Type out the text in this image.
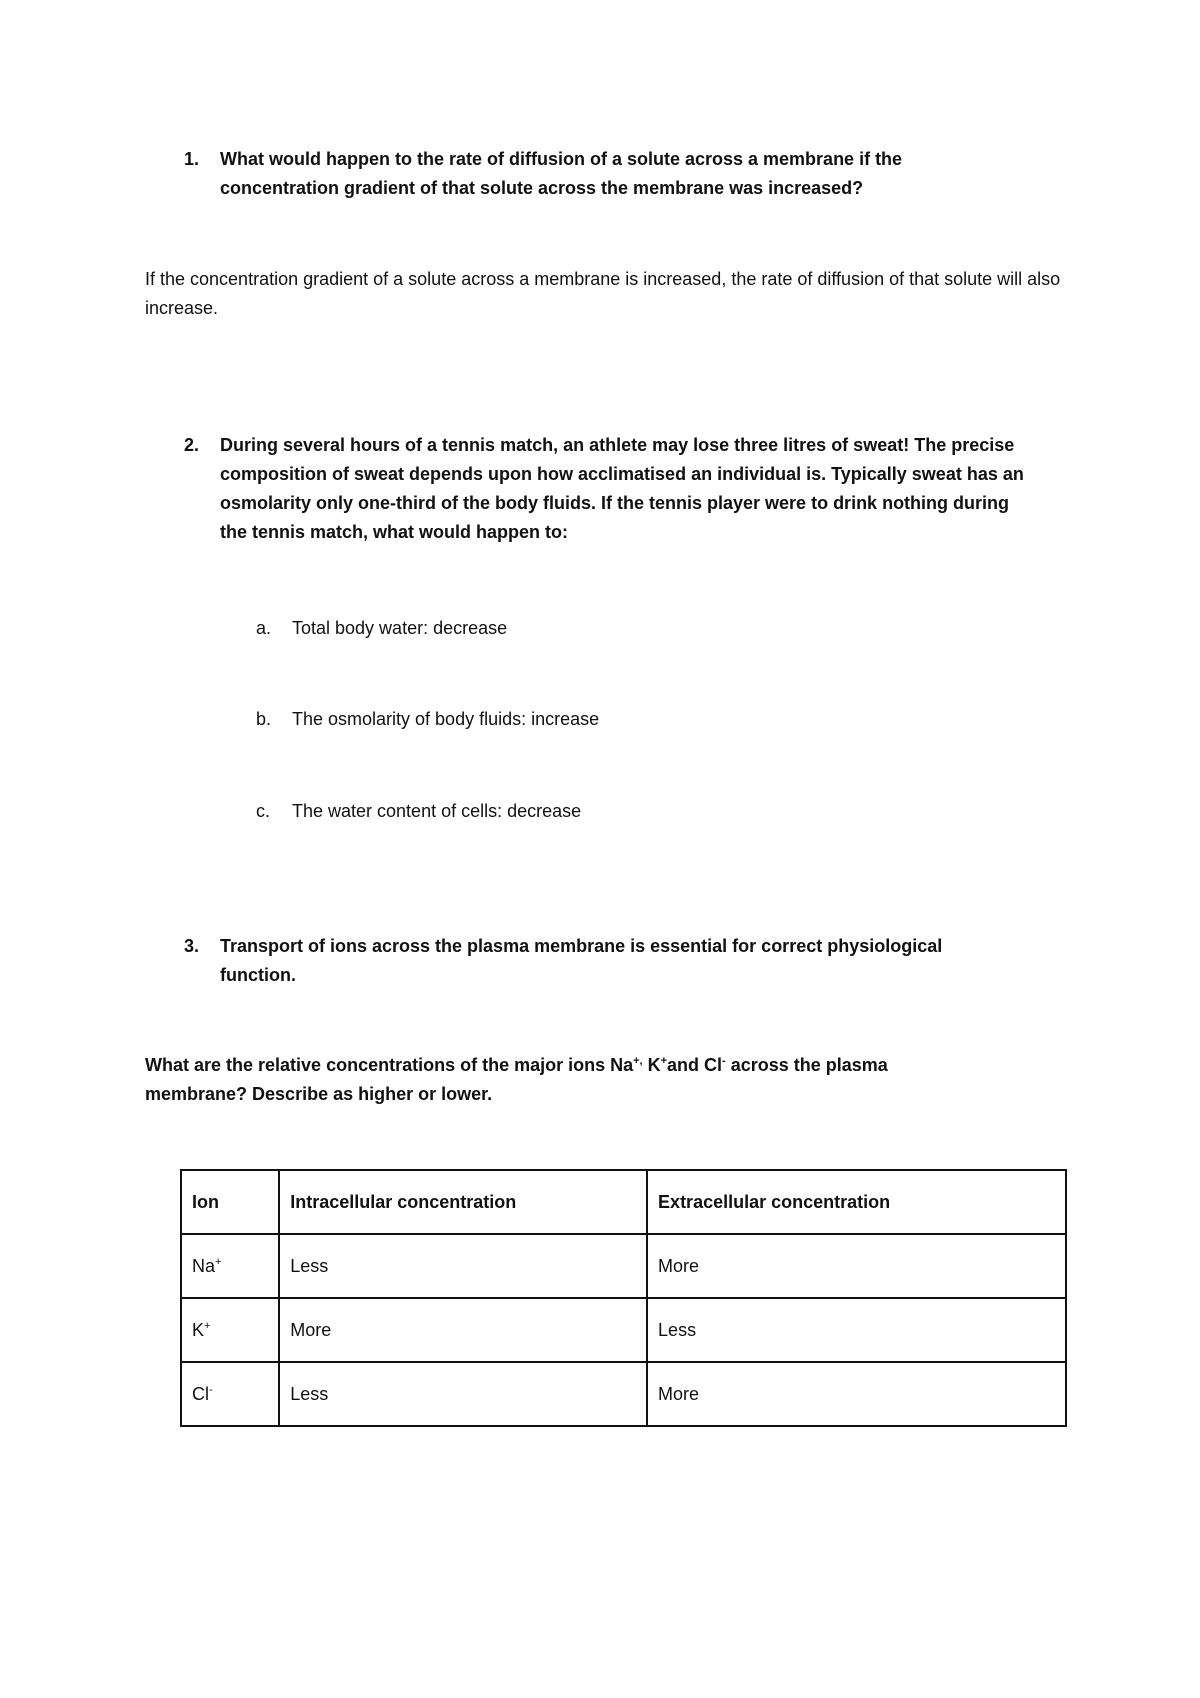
1. What would happen to the rate of diffusion of a solute across a membrane if the concentration gradient of that solute across the membrane was increased?
If the concentration gradient of a solute across a membrane is increased, the rate of diffusion of that solute will also increase.
2. During several hours of a tennis match, an athlete may lose three litres of sweat! The precise composition of sweat depends upon how acclimatised an individual is. Typically sweat has an osmolarity only one-third of the body fluids. If the tennis player were to drink nothing during the tennis match, what would happen to:
a. Total body water: decrease
b. The osmolarity of body fluids: increase
c. The water content of cells: decrease
3. Transport of ions across the plasma membrane is essential for correct physiological function.
What are the relative concentrations of the major ions Na+, K+and Cl- across the plasma membrane? Describe as higher or lower.
Ion	Intracellular concentration	Extracellular concentration
Na+	Less	More
K+	More	Less
Cl-	Less	More
